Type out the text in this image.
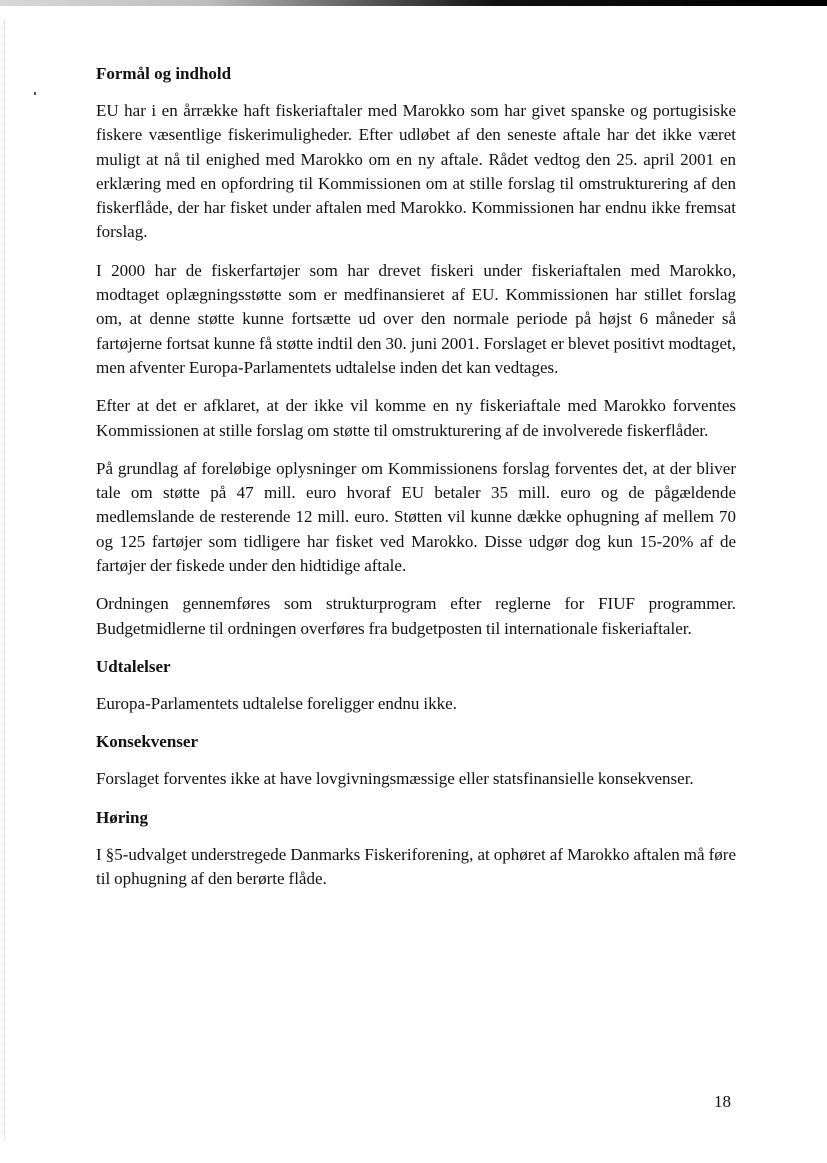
Formål og indhold

EU har i en årrække haft fiskeriaftaler med Marokko som har givet spanske og portugisiske fiskere væsentlige fiskerimuligheder. Efter udløbet af den seneste aftale har det ikke været muligt at nå til enighed med Marokko om en ny aftale. Rådet vedtog den 25. april 2001 en erklæring med en opfordring til Kommissionen om at stille forslag til omstrukturering af den fiskerflåde, der har fisket under aftalen med Marokko. Kommissionen har endnu ikke fremsat forslag.

I 2000 har de fiskerfartøjer som har drevet fiskeri under fiskeriaftalen med Marokko, modtaget oplægningsstøtte som er medfinansieret af EU. Kommissionen har stillet forslag om, at denne støtte kunne fortsætte ud over den normale periode på højst 6 måneder så fartøjerne fortsat kunne få støtte indtil den 30. juni 2001. Forslaget er blevet positivt modtaget, men afventer Europa-Parlamentets udtalelse inden det kan vedtages.

Efter at det er afklaret, at der ikke vil komme en ny fiskeriaftale med Marokko forventes Kommissionen at stille forslag om støtte til omstrukturering af de involverede fiskerflåder.

På grundlag af foreløbige oplysninger om Kommissionens forslag forventes det, at der bliver tale om støtte på 47 mill. euro hvoraf EU betaler 35 mill. euro og de pågældende medlemslande de resterende 12 mill. euro. Støtten vil kunne dække ophugning af mellem 70 og 125 fartøjer som tidligere har fisket ved Marokko. Disse udgør dog kun 15-20% af de fartøjer der fiskede under den hidtidige aftale.

Ordningen gennemføres som strukturprogram efter reglerne for FIUF programmer. Budgetmidlerne til ordningen overføres fra budgetposten til internationale fiskeriaftaler.

Udtalelser

Europa-Parlamentets udtalelse foreligger endnu ikke.

Konsekvenser

Forslaget forventes ikke at have lovgivningsmæssige eller statsfinansielle konsekvenser.

Høring

I §5-udvalget understregede Danmarks Fiskeriforening, at ophøret af Marokko aftalen må føre til ophugning af den berørte flåde.

18
